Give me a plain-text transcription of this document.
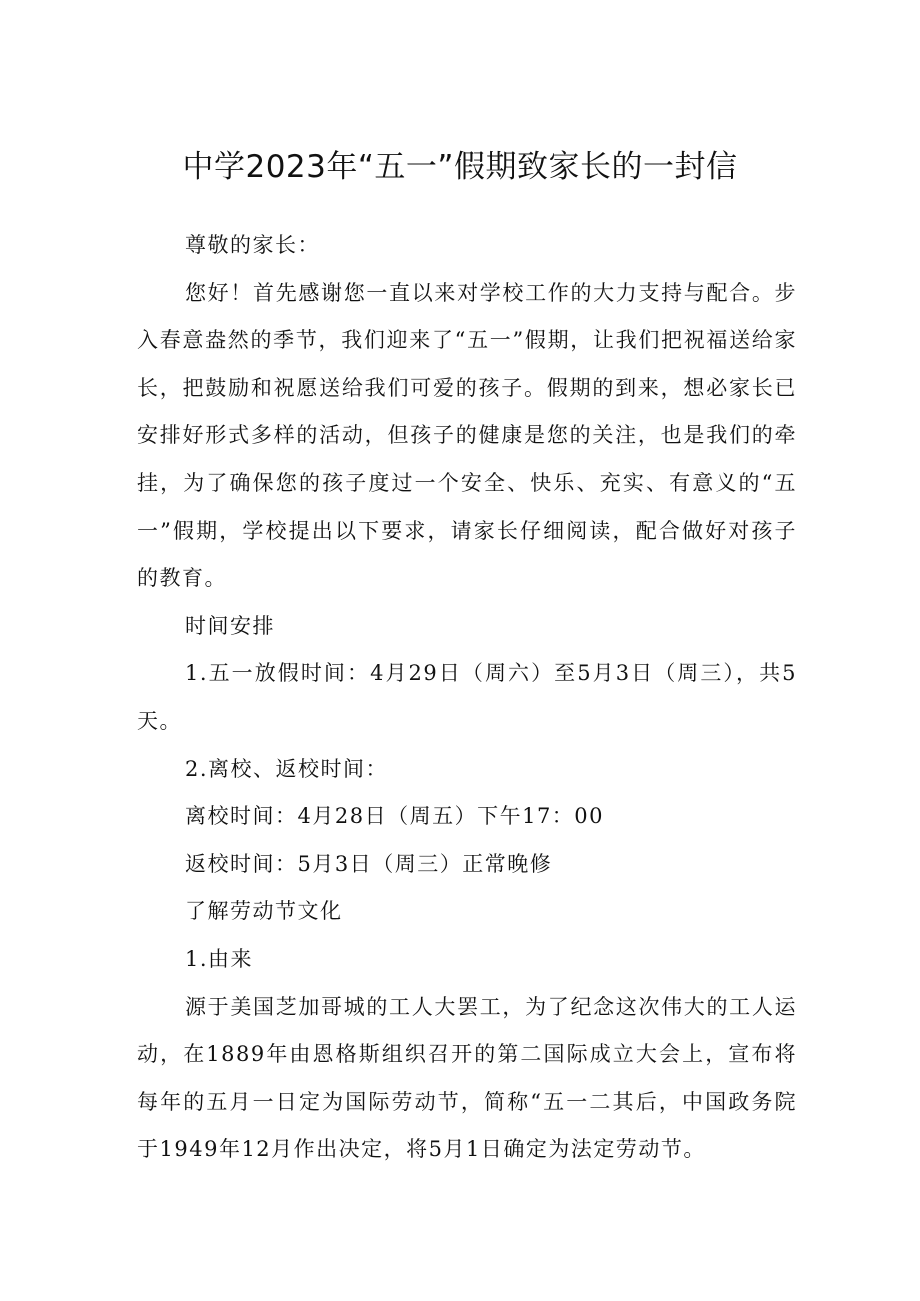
中学2023年“五一”假期致家长的一封信

尊敬的家长：

您好！首先感谢您一直以来对学校工作的大力支持与配合。步入春意盎然的季节，我们迎来了“五一”假期，让我们把祝福送给家长，把鼓励和祝愿送给我们可爱的孩子。假期的到来，想必家长已安排好形式多样的活动，但孩子的健康是您的关注，也是我们的牵挂，为了确保您的孩子度过一个安全、快乐、充实、有意义的“五一”假期，学校提出以下要求，请家长仔细阅读，配合做好对孩子的教育。

时间安排

1.五一放假时间：4月29日（周六）至5月3日（周三），共5天。

2.离校、返校时间：

离校时间：4月28日（周五）下午17：00

返校时间：5月3日（周三）正常晚修

了解劳动节文化

1.由来

源于美国芝加哥城的工人大罢工，为了纪念这次伟大的工人运动，在1889年由恩格斯组织召开的第二国际成立大会上，宣布将每年的五月一日定为国际劳动节，简称“五一二其后，中国政务院于1949年12月作出决定，将5月1日确定为法定劳动节。
